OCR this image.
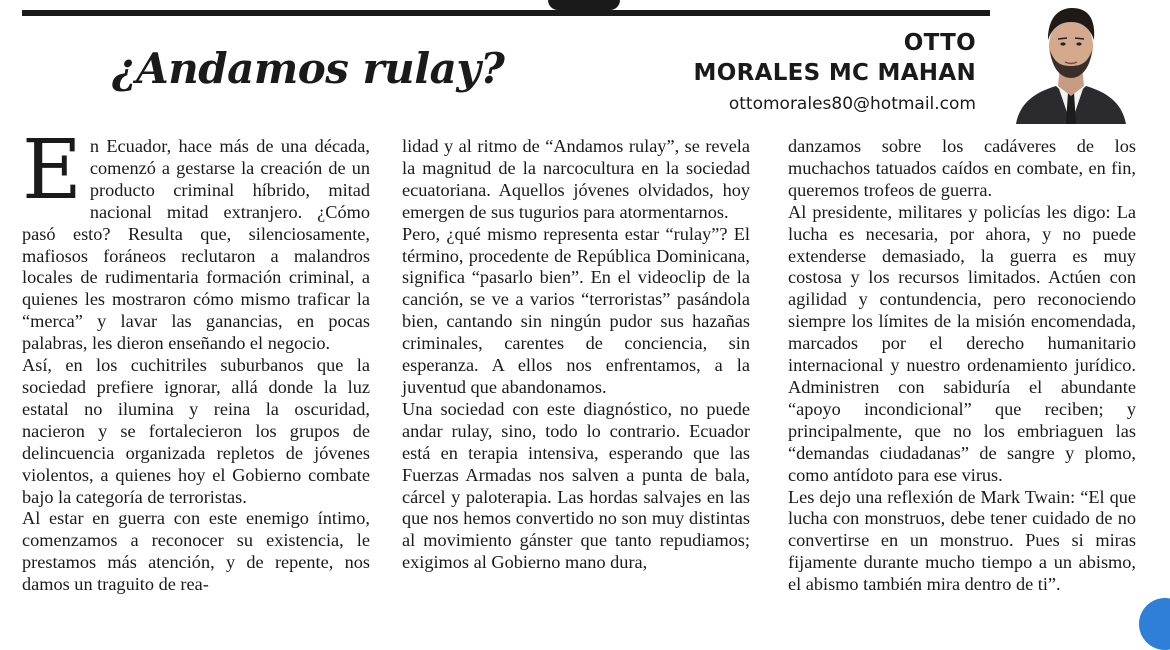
¿Andamos rulay?
OTTO
MORALES MC MAHAN
ottomorales80@hotmail.com

En Ecuador, hace más de una década, comenzó a gestarse la creación de un producto criminal híbrido, mitad nacional mitad extranjero. ¿Cómo pasó esto? Resulta que, silenciosamente, mafiosos foráneos reclutaron a malandros locales de rudimentaria formación criminal, a quienes les mostraron cómo mismo traficar la “merca” y lavar las ganancias, en pocas palabras, les dieron enseñando el negocio.

Así, en los cuchitriles suburbanos que la sociedad prefiere ignorar, allá donde la luz estatal no ilumina y reina la oscuridad, nacieron y se fortalecieron los grupos de delincuencia organizada repletos de jóvenes violentos, a quienes hoy el Gobierno combate bajo la categoría de terroristas.

Al estar en guerra con este enemigo íntimo, comenzamos a reconocer su existencia, le prestamos más atención, y de repente, nos damos un traguito de rea-

lidad y al ritmo de “Andamos rulay”, se revela la magnitud de la narcocultura en la sociedad ecuatoriana. Aquellos jóvenes olvidados, hoy emergen de sus tugurios para atormentarnos.

Pero, ¿qué mismo representa estar “rulay”? El término, procedente de República Dominicana, significa “pasarlo bien”. En el videoclip de la canción, se ve a varios “terroristas” pasándola bien, cantando sin ningún pudor sus hazañas criminales, carentes de conciencia, sin esperanza. A ellos nos enfrentamos, a la juventud que abandonamos.

Una sociedad con este diagnóstico, no puede andar rulay, sino, todo lo contrario. Ecuador está en terapia intensiva, esperando que las Fuerzas Armadas nos salven a punta de bala, cárcel y paloterapia. Las hordas salvajes en las que nos hemos convertido no son muy distintas al movimiento gánster que tanto repudiamos; exigimos al Gobierno mano dura,

danzamos sobre los cadáveres de los muchachos tatuados caídos en combate, en fin, queremos trofeos de guerra.

Al presidente, militares y policías les digo: La lucha es necesaria, por ahora, y no puede extenderse demasiado, la guerra es muy costosa y los recursos limitados. Actúen con agilidad y contundencia, pero reconociendo siempre los límites de la misión encomendada, marcados por el derecho humanitario internacional y nuestro ordenamiento jurídico. Administren con sabiduría el abundante “apoyo incondicional” que reciben; y principalmente, que no los embriaguen las “demandas ciudadanas” de sangre y plomo, como antídoto para ese virus.

Les dejo una reflexión de Mark Twain: “El que lucha con monstruos, debe tener cuidado de no convertirse en un monstruo. Pues si miras fijamente durante mucho tiempo a un abismo, el abismo también mira dentro de ti”.
